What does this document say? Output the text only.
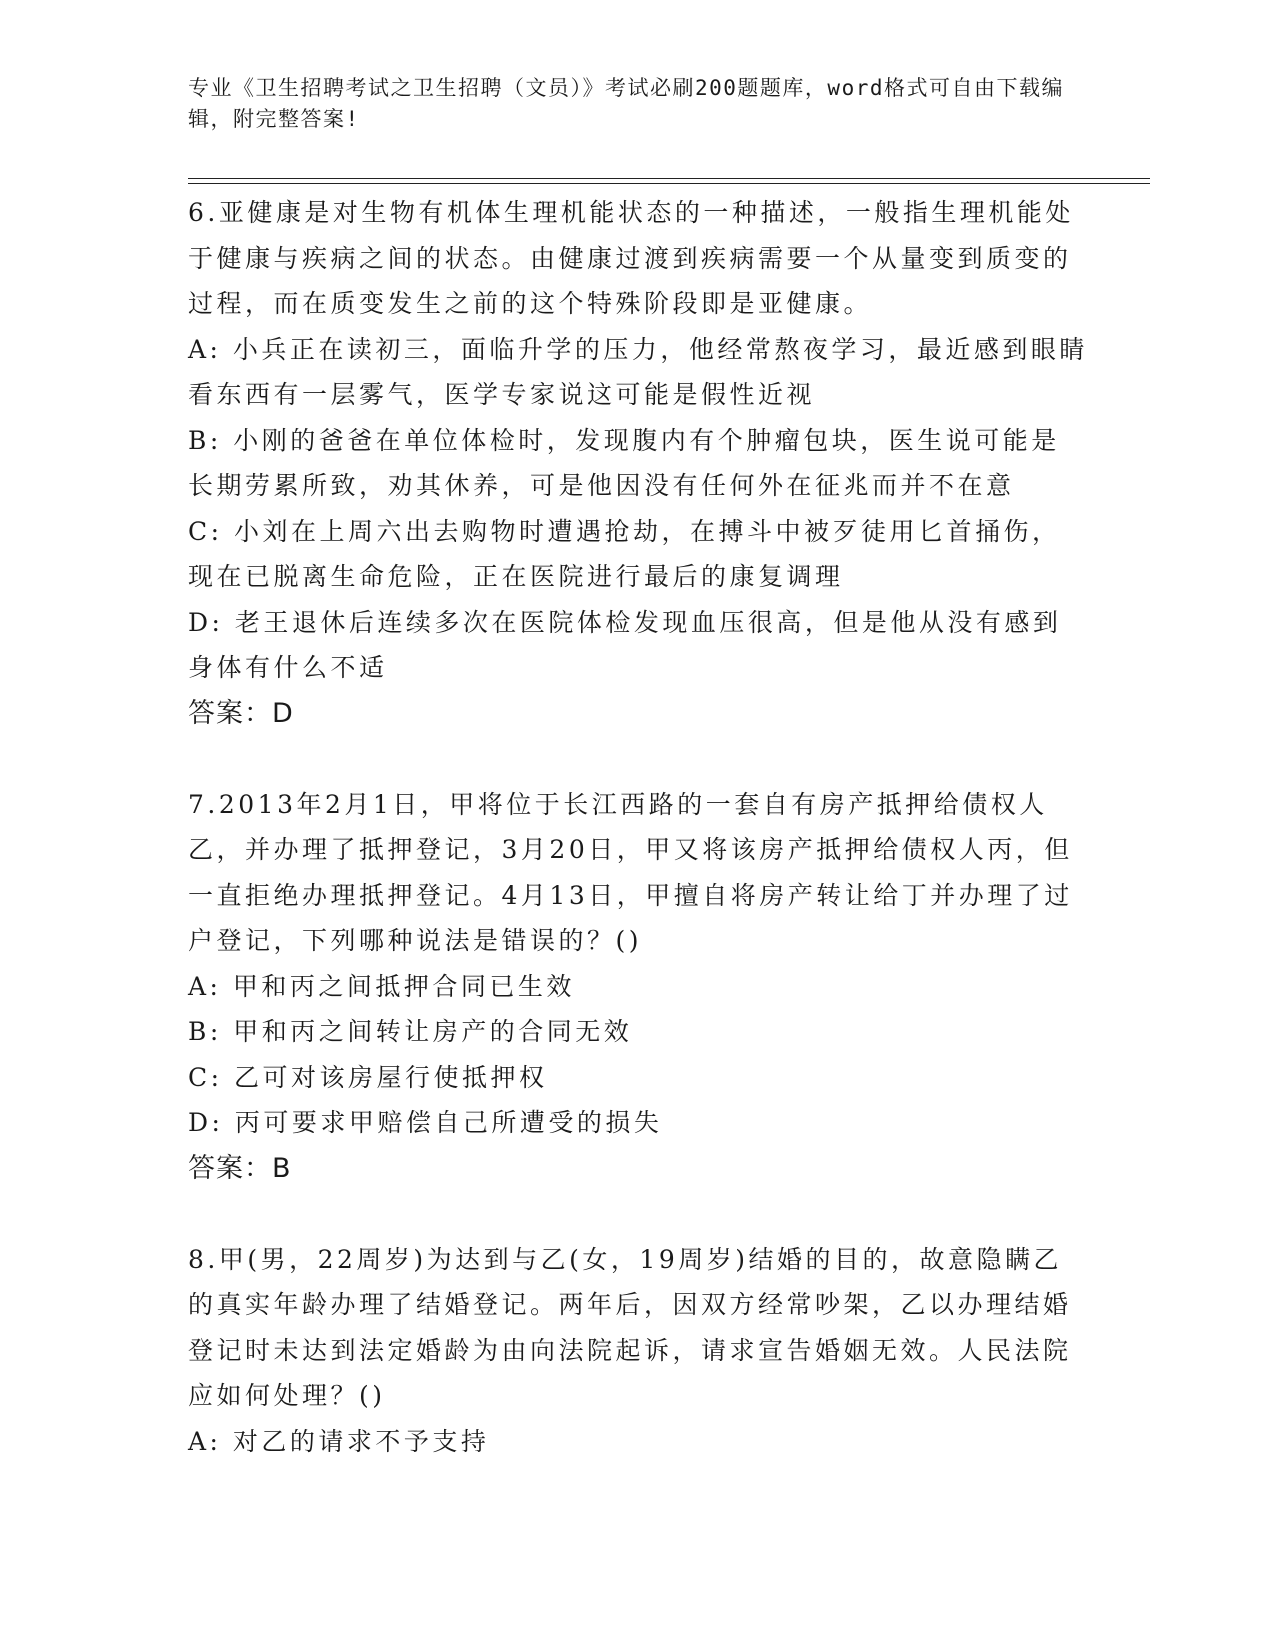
专业《卫生招聘考试之卫生招聘（文员）》考试必刷200题题库，word格式可自由下载编辑，附完整答案!

6.亚健康是对生物有机体生理机能状态的一种描述，一般指生理机能处于健康与疾病之间的状态。由健康过渡到疾病需要一个从量变到质变的过程，而在质变发生之前的这个特殊阶段即是亚健康。

A: 小兵正在读初三，面临升学的压力，他经常熬夜学习，最近感到眼睛看东西有一层雾气，医学专家说这可能是假性近视

B: 小刚的爸爸在单位体检时，发现腹内有个肿瘤包块，医生说可能是长期劳累所致，劝其休养，可是他因没有任何外在征兆而并不在意

C: 小刘在上周六出去购物时遭遇抢劫，在搏斗中被歹徒用匕首捅伤，现在已脱离生命危险，正在医院进行最后的康复调理

D: 老王退休后连续多次在医院体检发现血压很高，但是他从没有感到身体有什么不适

答案：D

7.2013年2月1日，甲将位于长江西路的一套自有房产抵押给债权人乙，并办理了抵押登记，3月20日，甲又将该房产抵押给债权人丙，但一直拒绝办理抵押登记。4月13日，甲擅自将房产转让给丁并办理了过户登记，下列哪种说法是错误的？()

A: 甲和丙之间抵押合同已生效

B: 甲和丙之间转让房产的合同无效

C: 乙可对该房屋行使抵押权

D: 丙可要求甲赔偿自己所遭受的损失

答案：B

8.甲(男，22周岁)为达到与乙(女，19周岁)结婚的目的，故意隐瞒乙的真实年龄办理了结婚登记。两年后，因双方经常吵架，乙以办理结婚登记时未达到法定婚龄为由向法院起诉，请求宣告婚姻无效。人民法院应如何处理？()

A: 对乙的请求不予支持
